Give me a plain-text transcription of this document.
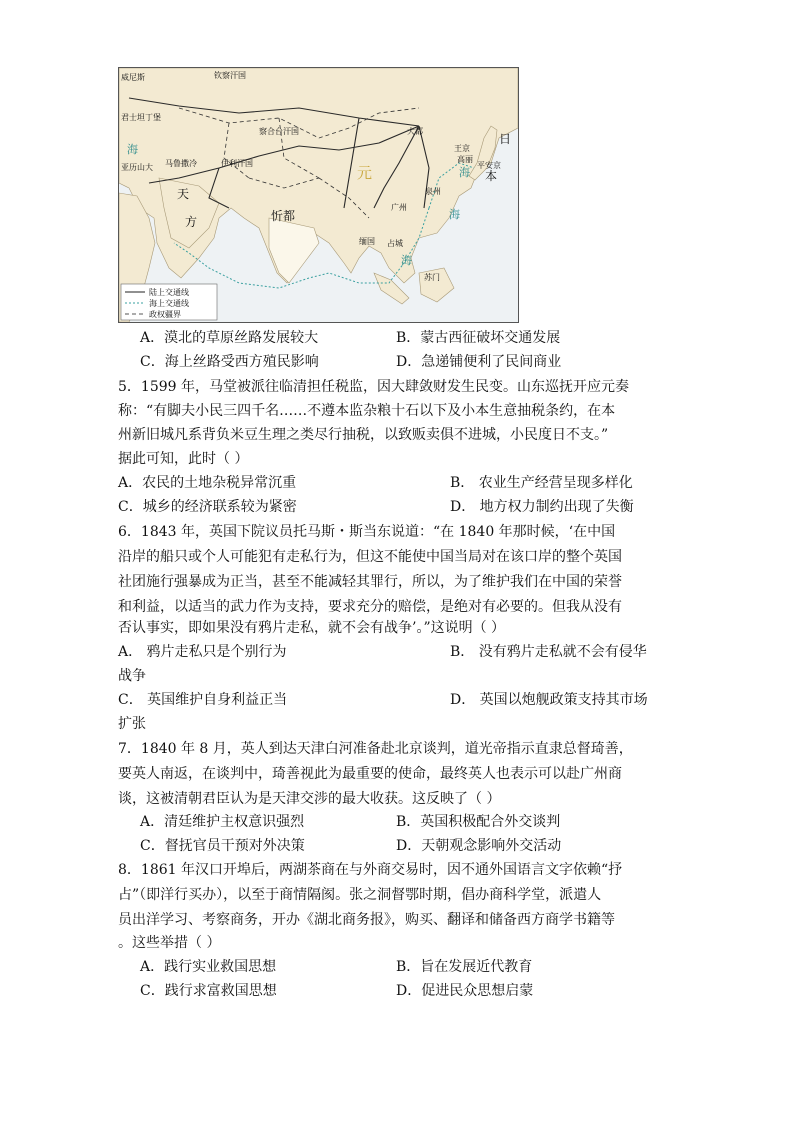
陆上交通线
海上交通线
政权疆界
威尼斯	钦察汗国
君士坦丁堡
察合台汗国	大都
日
亚历山大 马鲁撒冷	伊利汗国
元
王京
高丽
平安京
本
天
方
泉州
广州
忻都
缅国 占城
苏门
海
海
海
海
A．漠北的草原丝路发展较大	B．蒙古西征破坏交通发展
C．海上丝路受西方殖民影响	D．急递铺便利了民间商业
5．1599 年，马堂被派往临清担任税监，因大肆敛财发生民变。山东巡抚开应元奏
称：“有脚夫小民三四千名……不遵本监杂粮十石以下及小本生意抽税条约，在本
州新旧城凡系背负米豆生理之类尽行抽税，以致贩卖俱不进城，小民度日不支。”
据此可知，此时（ ）
A．农民的土地杂税异常沉重	B． 农业生产经营呈现多样化
C．城乡的经济联系较为紧密	D． 地方权力制约出现了失衡
6．1843 年，英国下院议员托马斯・斯当东说道：“在 1840 年那时候，‘在中国
沿岸的船只或个人可能犯有走私行为，但这不能使中国当局对在该口岸的整个英国
社团施行强暴成为正当，甚至不能减轻其罪行，所以，为了维护我们在中国的荣誉
和利益，以适当的武力作为支持，要求充分的赔偿，是绝对有必要的。但我从没有
否认事实，即如果没有鸦片走私，就不会有战争’。”这说明（ ）
A． 鸦片走私只是个别行为	B． 没有鸦片走私就不会有侵华
战争
C． 英国维护自身利益正当	D． 英国以炮舰政策支持其市场
扩张
7．1840 年 8 月，英人到达天津白河准备赴北京谈判，道光帝指示直隶总督琦善，
要英人南返，在谈判中，琦善视此为最重要的使命，最终英人也表示可以赴广州商
谈，这被清朝君臣认为是天津交涉的最大收获。这反映了（ ）
A．清廷维护主权意识强烈	B．英国积极配合外交谈判
C．督抚官员干预对外决策	D．天朝观念影响外交活动
8．1861 年汉口开埠后，两湖茶商在与外商交易时，因不通外国语言文字依赖“抒
占”（即洋行买办），以至于商情隔阂。张之洞督鄂时期，倡办商科学堂，派遣人
员出洋学习、考察商务，开办《湖北商务报》，购买、翻译和储备西方商学书籍等
。这些举措（ ）
A．践行实业救国思想	B．旨在发展近代教育
C．践行求富救国思想	D．促进民众思想启蒙
